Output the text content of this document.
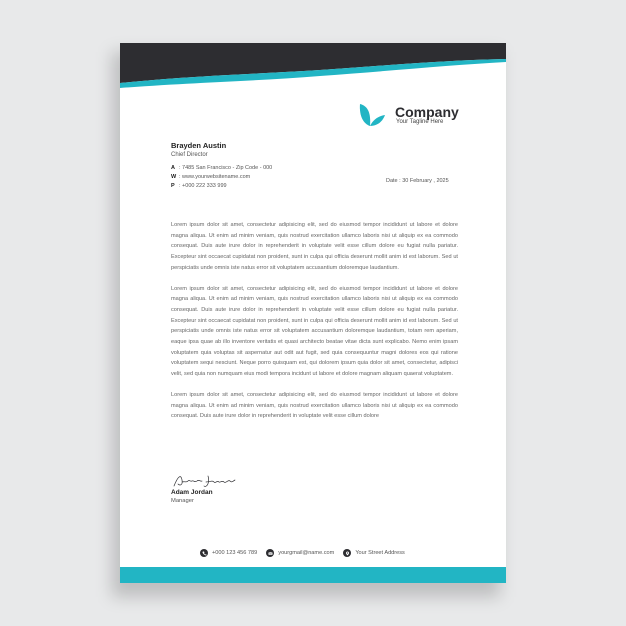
Company
Your Tagline Here
Brayden Austin
Chief Director
A : 7485 San Francisco - Zip Code - 000
W : www.yourwebsitename.com
P : +000 222 333 999
Date : 30 February , 2025

Lorem ipsum dolor sit amet, consectetur adipisicing elit, sed do eiusmod tempor incididunt ut labore et dolore magna aliqua. Ut enim ad minim veniam, quis nostrud exercitation ullamco laboris nisi ut aliquip ex ea commodo consequat. Duis aute irure dolor in reprehenderit in voluptate velit esse cillum dolore eu fugiat nulla pariatur. Excepteur sint occaecat cupidatat non proident, sunt in culpa qui officia deserunt mollit anim id est laborum. Sed ut perspiciatis unde omnis iste natus error sit voluptatem accusantium doloremque laudantium.

Lorem ipsum dolor sit amet, consectetur adipisicing elit, sed do eiusmod tempor incididunt ut labore et dolore magna aliqua. Ut enim ad minim veniam, quis nostrud exercitation ullamco laboris nisi ut aliquip ex ea commodo consequat. Duis aute irure dolor in reprehenderit in voluptate velit esse cillum dolore eu fugiat nulla pariatur. Excepteur sint occaecat cupidatat non proident, sunt in culpa qui officia deserunt mollit anim id est laborum. Sed ut perspiciatis unde omnis iste natus error sit voluptatem accusantium doloremque laudantium, totam rem aperiam, eaque ipsa quae ab illo inventore veritatis et quasi architecto beatae vitae dicta sunt explicabo. Nemo enim ipsam voluptatem quia voluptas sit aspernatur aut odit aut fugit, sed quia consequuntur magni dolores eos qui ratione voluptatem sequi nesciunt. Neque porro quisquam est, qui dolorem ipsum quia dolor sit amet, consectetur, adipisci velit, sed quia non numquam eius modi tempora incidunt ut labore et dolore magnam aliquam quaerat voluptatem.

Lorem ipsum dolor sit amet, consectetur adipisicing elit, sed do eiusmod tempor incididunt ut labore et dolore magna aliqua. Ut enim ad minim veniam, quis nostrud exercitation ullamco laboris nisi ut aliquip ex ea commodo consequat. Duis aute irure dolor in reprehenderit in voluptate velit esse cillum dolore

Adam Jordan
Manager
+000 123 456 789	yourgmail@name.com	Your Street Address
